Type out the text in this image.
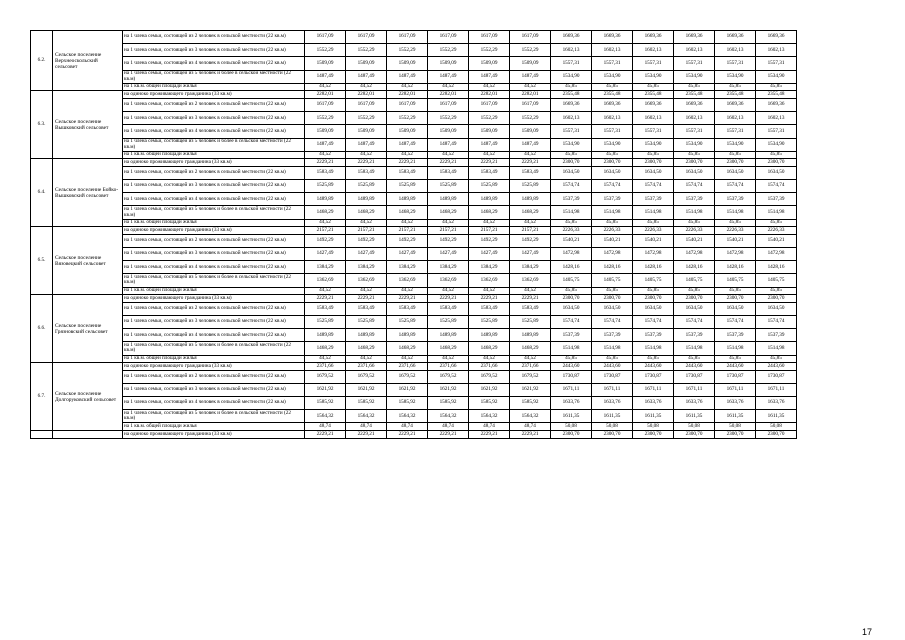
6.2.	Сельское поселение Верхнеоскольский сельсовет	на 1 члена семьи, состоящей из 2 человек в сельской местности (22 кв.м)	1617,09	1617,09	1617,09	1617,09	1617,09	1617,09	1669,36	1669,36	1669,36	1669,36	1669,36	1669,36
		на 1 члена семьи, состоящей из 3 человек в сельской местности (22 кв.м)	1552,29	1552,29	1552,29	1552,29	1552,29	1552,29	1602,13	1602,13	1602,13	1602,13	1602,13	1602,13
		на 1 члена семьи, состоящей из 4 человек в сельской местности (22 кв.м)	1509,09	1509,09	1509,09	1509,09	1509,09	1509,09	1557,31	1557,31	1557,31	1557,31	1557,31	1557,31
		на 1 члена семьи, состоящей из 5 человек и более в сельской местности (22 кв.м)	1487,49	1487,49	1487,49	1487,49	1487,49	1487,49	1534,90	1534,90	1534,90	1534,90	1534,90	1534,90
		на 1 кв.м. общей площади жилья	44,52	44,52	44,52	44,52	44,52	44,52	45,85	45,85	45,85	45,85	45,85	45,85
6.3.	Сельское поселение Вышковский сельсовет	на одиноко проживающего гражданина (33 кв.м)	2282,01	2282,01	2282,01	2282,01	2282,01	2282,01	2355,48	2355,48	2355,48	2355,48	2355,48	2355,48
		на 1 члена семьи, состоящей из 2 человек в сельской местности (22 кв.м)	1617,09	1617,09	1617,09	1617,09	1617,09	1617,09	1669,36	1669,36	1669,36	1669,36	1669,36	1669,36
		на 1 члена семьи, состоящей из 3 человек в сельской местности (22 кв.м)	1552,29	1552,29	1552,29	1552,29	1552,29	1552,29	1602,13	1602,13	1602,13	1602,13	1602,13	1602,13
		на 1 члена семьи, состоящей из 4 человек в сельской местности (22 кв.м)	1509,09	1509,09	1509,09	1509,09	1509,09	1509,09	1557,31	1557,31	1557,31	1557,31	1557,31	1557,31
		на 1 члена семьи, состоящей из 5 человек и более в сельской местности (22 кв.м)	1487,49	1487,49	1487,49	1487,49	1487,49	1487,49	1534,90	1534,90	1534,90	1534,90	1534,90	1534,90
		на 1 кв.м. общей площади жилья	44,52	44,52	44,52	44,52	44,52	44,52	45,85	45,85	45,85	45,85	45,85	45,85
6.4.	Сельское поселение Бойко-Вышковский сельсовет	на одиноко проживающего гражданина (33 кв.м)	2229,21	2229,21	2229,21	2229,21	2229,21	2229,21	2300,70	2300,70	2300,70	2300,70	2300,70	2300,70
		на 1 члена семьи, состоящей из 2 человек в сельской местности (22 кв.м)	1583,49	1583,49	1583,49	1583,49	1583,49	1583,49	1634,50	1634,50	1634,50	1634,50	1634,50	1634,50
		на 1 члена семьи, состоящей из 3 человек в сельской местности (22 кв.м)	1525,89	1525,89	1525,89	1525,89	1525,89	1525,89	1574,74	1574,74	1574,74	1574,74	1574,74	1574,74
		на 1 члена семьи, состоящей из 4 человек в сельской местности (22 кв.м)	1489,89	1489,89	1489,89	1489,89	1489,89	1489,89	1537,39	1537,39	1537,39	1537,39	1537,39	1537,39
		на 1 члена семьи, состоящей из 5 человек и более в сельской местности (22 кв.м)	1468,29	1468,29	1468,29	1468,29	1468,29	1468,29	1514,98	1514,98	1514,98	1514,98	1514,98	1514,98
		на 1 кв.м. общей площади жилья	44,52	44,52	44,52	44,52	44,52	44,52	45,85	45,85	45,85	45,85	45,85	45,85
6.5.	Сельское поселение Вязовецкий сельсовет	на одиноко проживающего гражданина (33 кв.м)	2157,21	2157,21	2157,21	2157,21	2157,21	2157,21	2226,33	2226,33	2226,33	2226,33	2226,33	2226,33
		на 1 члена семьи, состоящей из 2 человек в сельской местности (22 кв.м)	1492,29	1492,29	1492,29	1492,29	1492,29	1492,29	1540,21	1540,21	1540,21	1540,21	1540,21	1540,21
		на 1 члена семьи, состоящей из 3 человек в сельской местности (22 кв.м)	1427,49	1427,49	1427,49	1427,49	1427,49	1427,49	1472,98	1472,98	1472,98	1472,98	1472,98	1472,98
		на 1 члена семьи, состоящей из 4 человек в сельской местности (22 кв.м)	1384,29	1384,29	1384,29	1384,29	1384,29	1384,29	1428,16	1428,16	1428,16	1428,16	1428,16	1428,16
		на 1 члена семьи, состоящей из 5 человек и более в сельской местности (22 кв.м)	1362,69	1362,69	1362,69	1362,69	1362,69	1362,69	1405,75	1405,75	1405,75	1405,75	1405,75	1405,75
		на 1 кв.м. общей площади жилья	44,52	44,52	44,52	44,52	44,52	44,52	45,85	45,85	45,85	45,85	45,85	45,85
6.6.	Сельское поселение Грязновский сельсовет	на одиноко проживающего гражданина (33 кв.м)	2229,21	2229,21	2229,21	2229,21	2229,21	2229,21	2300,70	2300,70	2300,70	2300,70	2300,70	2300,70
		на 1 члена семьи, состоящей из 2 человек в сельской местности (22 кв.м)	1583,49	1583,49	1583,49	1583,49	1583,49	1583,49	1634,50	1634,50	1634,50	1634,50	1634,50	1634,50
		на 1 члена семьи, состоящей из 3 человек в сельской местности (22 кв.м)	1525,89	1525,89	1525,89	1525,89	1525,89	1525,89	1574,74	1574,74	1574,74	1574,74	1574,74	1574,74
		на 1 члена семьи, состоящей из 4 человек в сельской местности (22 кв.м)	1489,89	1489,89	1489,89	1489,89	1489,89	1489,89	1537,39	1537,39	1537,39	1537,39	1537,39	1537,39
		на 1 члена семьи, состоящей из 5 человек и более в сельской местности (22 кв.м)	1468,29	1468,29	1468,29	1468,29	1468,29	1468,29	1514,98	1514,98	1514,98	1514,98	1514,98	1514,98
		на 1 кв.м. общей площади жилья	44,52	44,52	44,52	44,52	44,52	44,52	45,85	45,85	45,85	45,85	45,85	45,85
6.7.	Сельское поселение Долгоруковский сельсовет	на одиноко проживающего гражданина (33 кв.м)	2371,66	2371,66	2371,66	2371,66	2371,66	2371,66	2443,60	2443,60	2443,60	2443,60	2443,60	2443,60
		на 1 члена семьи, состоящей из 2 человек в сельской местности (22 кв.м)	1679,52	1679,52	1679,52	1679,52	1679,52	1679,52	1730,87	1730,87	1730,87	1730,87	1730,87	1730,87
		на 1 члена семьи, состоящей из 3 человек в сельской местности (22 кв.м)	1621,92	1621,92	1621,92	1621,92	1621,92	1621,92	1671,11	1671,11	1671,11	1671,11	1671,11	1671,11
		на 1 члена семьи, состоящей из 4 человек в сельской местности (22 кв.м)	1585,92	1585,92	1585,92	1585,92	1585,92	1585,92	1633,76	1633,76	1633,76	1633,76	1633,76	1633,76
		на 1 члена семьи, состоящей из 5 человек и более в сельской местности (22 кв.м)	1564,32	1564,32	1564,32	1564,32	1564,32	1564,32	1611,35	1611,35	1611,35	1611,35	1611,35	1611,35
		на 1 кв.м. общей площади жилья	48,74	48,74	48,74	48,74	48,74	48,74	50,08	50,08	50,08	50,08	50,08	50,08
		на одиноко проживающего гражданина (33 кв.м)	2229,21	2229,21	2229,21	2229,21	2229,21	2229,21	2300,70	2300,70	2300,70	2300,70	2300,70	2300,70
17
